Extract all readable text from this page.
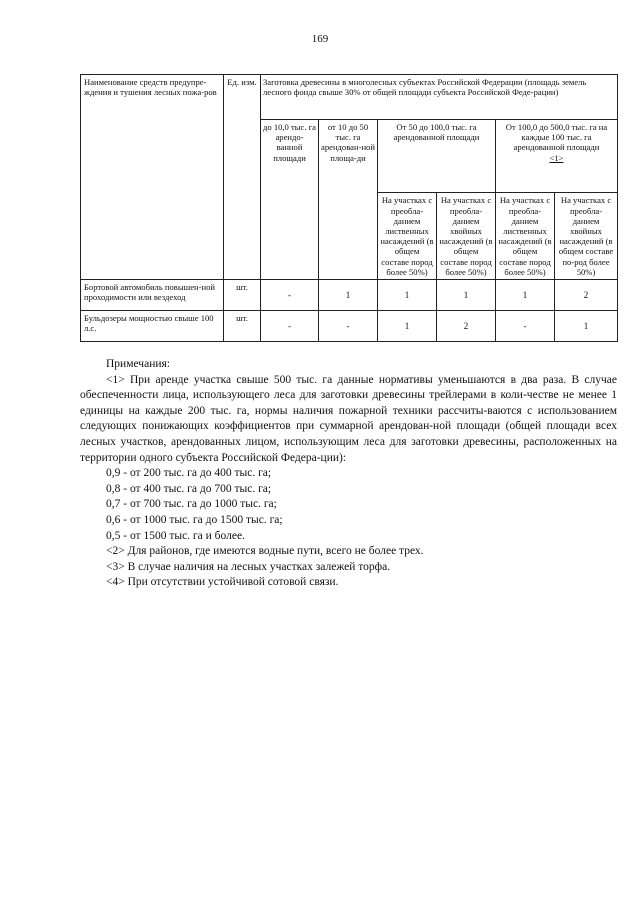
169
Наименование средств предупре-ждения и тушения лесных пожа-ров	Ед. изм.	Заготовка древесины в многолесных субъектах Российской Федерации (площадь земель лесного фонда свыше 30% от общей площади субъекта Российской Феде-рации)					
		до 10,0 тыс. га арендо-ванной площади	от 10 до 50 тыс. га арендован-ной площа-ди	От 50 до 100,0 тыс. га арендованной площади		От 100,0 до 500,0 тыс. га на каждые 100 тыс. га арендованной площади
<1>	
				На участках с преобла-данием лиственных насаждений (в общем составе пород более 50%)	На участках с преобла-данием хвойных насаждений (в общем составе пород более 50%)	На участках с преобла-данием лиственных насаждений (в общем составе пород более 50%)	На участках с преобла-данием хвойных насаждений (в общем составе по-род более 50%)
Бортовой автомобиль повышен-ной проходимости или вездеход	шт.	-	1	1	1	1	2
Бульдозеры мощностью свыше 100 л.с.	шт.	-	-	1	2	-	1

Примечания:

<1> При аренде участка свыше 500 тыс. га данные нормативы уменьшаются в два раза. В случае обеспеченности лица, использующего леса для заготовки древесины трейлерами в коли-честве не менее 1 единицы на каждые 200 тыс. га, нормы наличия пожарной техники рассчиты-ваются с использованием следующих понижающих коэффициентов при суммарной арендован-ной площади (общей площади всех лесных участков, арендованных лицом, использующим леса для заготовки древесины, расположенных на территории одного субъекта Российской Федера-ции):

0,9 - от 200 тыс. га до 400 тыс. га;

0,8 - от 400 тыс. га до 700 тыс. га;

0,7 - от 700 тыс. га до 1000 тыс. га;

0,6 - от 1000 тыс. га до 1500 тыс. га;

0,5 - от 1500 тыс. га и более.

<2> Для районов, где имеются водные пути, всего не более трех.

<3> В случае наличия на лесных участках залежей торфа.

<4> При отсутствии устойчивой сотовой связи.
